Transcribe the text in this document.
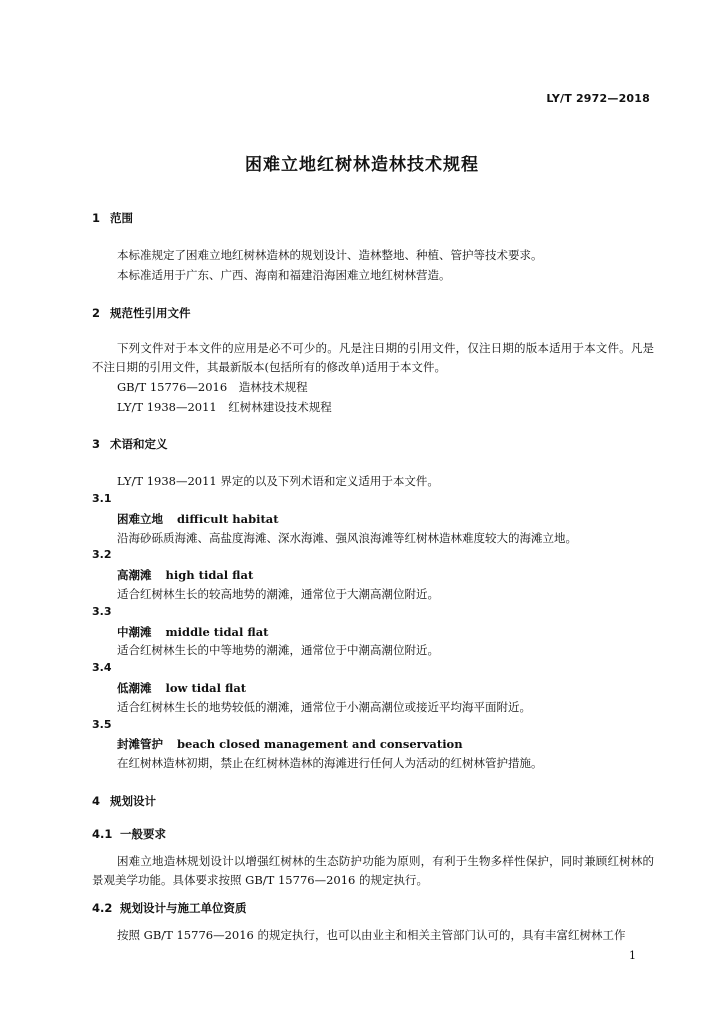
LY/T 2972—2018
困难立地红树林造林技术规程
1 范围
本标准规定了困难立地红树林造林的规划设计、造林整地、种植、管护等技术要求。
本标准适用于广东、广西、海南和福建沿海困难立地红树林营造。
2 规范性引用文件
下列文件对于本文件的应用是必不可少的。凡是注日期的引用文件，仅注日期的版本适用于本文件。凡是不注日期的引用文件，其最新版本(包括所有的修改单)适用于本文件。
GB/T 15776—2016　造林技术规程
LY/T 1938—2011　红树林建设技术规程
3 术语和定义
LY/T 1938—2011 界定的以及下列术语和定义适用于本文件。
3.1
困难立地 difficult habitat
沿海砂砾质海滩、高盐度海滩、深水海滩、强风浪海滩等红树林造林难度较大的海滩立地。
3.2
高潮滩 high tidal flat
适合红树林生长的较高地势的潮滩，通常位于大潮高潮位附近。
3.3
中潮滩 middle tidal flat
适合红树林生长的中等地势的潮滩，通常位于中潮高潮位附近。
3.4
低潮滩 low tidal flat
适合红树林生长的地势较低的潮滩，通常位于小潮高潮位或接近平均海平面附近。
3.5
封滩管护 beach closed management and conservation
在红树林造林初期，禁止在红树林造林的海滩进行任何人为活动的红树林管护措施。
4 规划设计
4.1 一般要求
困难立地造林规划设计以增强红树林的生态防护功能为原则，有利于生物多样性保护，同时兼顾红树林的景观美学功能。具体要求按照 GB/T 15776—2016 的规定执行。
4.2 规划设计与施工单位资质
按照 GB/T 15776—2016 的规定执行，也可以由业主和相关主管部门认可的，具有丰富红树林工作
1
